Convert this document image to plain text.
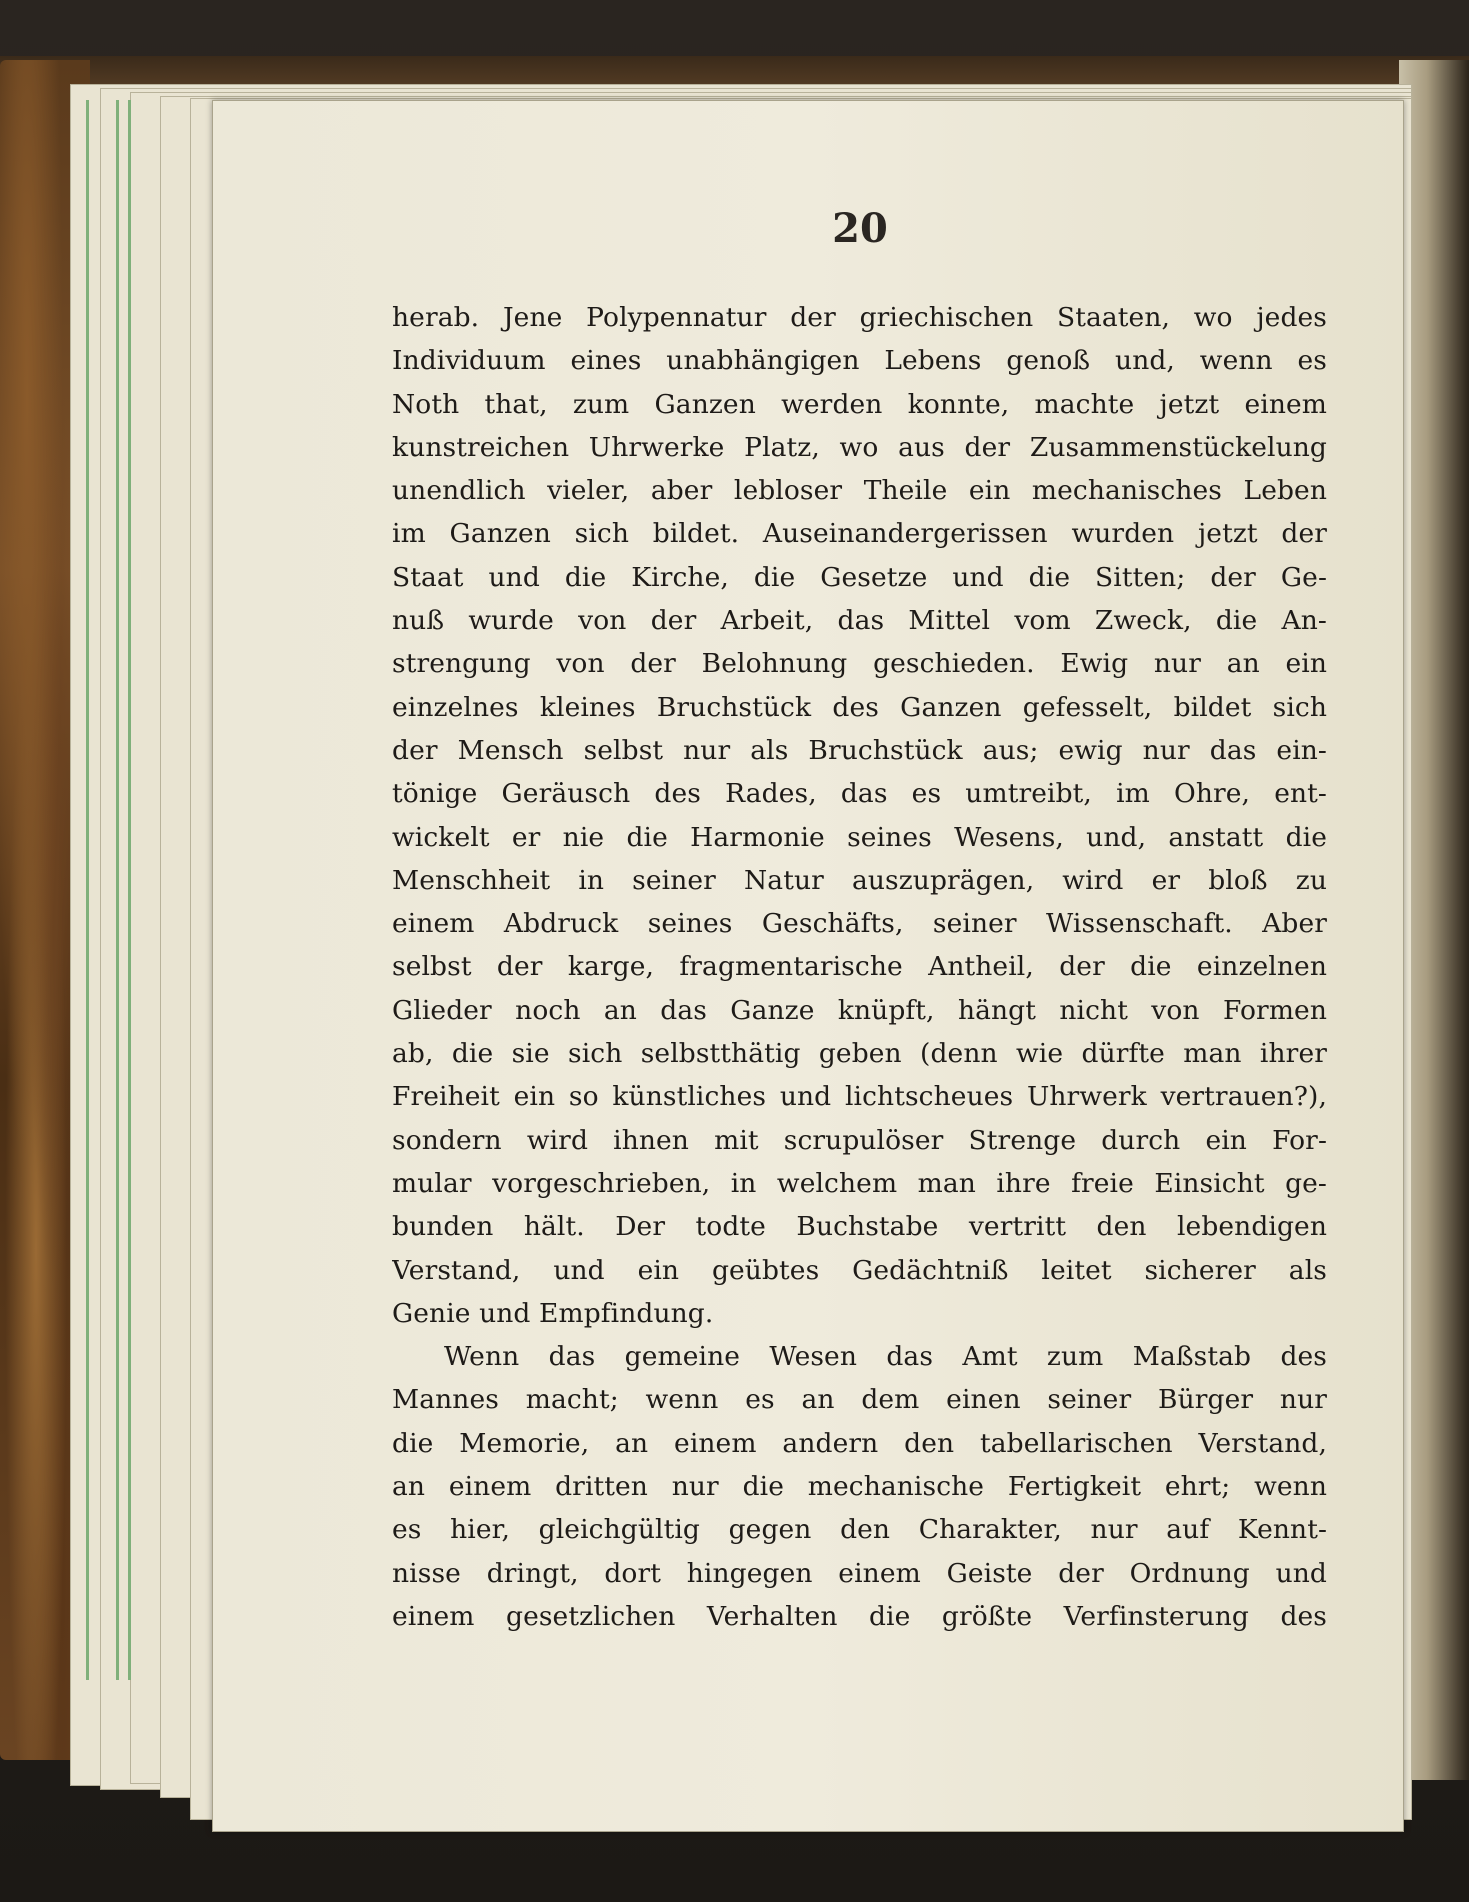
20
herab. Jene Polypennatur der griechischen Staaten, wo jedes
Individuum eines unabhängigen Lebens genoß und, wenn es
Noth that, zum Ganzen werden konnte, machte jetzt einem
kunstreichen Uhrwerke Platz, wo aus der Zusammenstückelung
unendlich vieler, aber lebloser Theile ein mechanisches Leben
im Ganzen sich bildet. Auseinandergerissen wurden jetzt der
Staat und die Kirche, die Gesetze und die Sitten; der Ge-
nuß wurde von der Arbeit, das Mittel vom Zweck, die An-
strengung von der Belohnung geschieden. Ewig nur an ein
einzelnes kleines Bruchstück des Ganzen gefesselt, bildet sich
der Mensch selbst nur als Bruchstück aus; ewig nur das ein-
tönige Geräusch des Rades, das es umtreibt, im Ohre, ent-
wickelt er nie die Harmonie seines Wesens, und, anstatt die
Menschheit in seiner Natur auszuprägen, wird er bloß zu
einem Abdruck seines Geschäfts, seiner Wissenschaft. Aber
selbst der karge, fragmentarische Antheil, der die einzelnen
Glieder noch an das Ganze knüpft, hängt nicht von Formen
ab, die sie sich selbstthätig geben (denn wie dürfte man ihrer
Freiheit ein so künstliches und lichtscheues Uhrwerk vertrauen?),
sondern wird ihnen mit scrupulöser Strenge durch ein For-
mular vorgeschrieben, in welchem man ihre freie Einsicht ge-
bunden hält. Der todte Buchstabe vertritt den lebendigen
Verstand, und ein geübtes Gedächtniß leitet sicherer als
Genie und Empfindung.
Wenn das gemeine Wesen das Amt zum Maßstab des
Mannes macht; wenn es an dem einen seiner Bürger nur
die Memorie, an einem andern den tabellarischen Verstand,
an einem dritten nur die mechanische Fertigkeit ehrt; wenn
es hier, gleichgültig gegen den Charakter, nur auf Kennt-
nisse dringt, dort hingegen einem Geiste der Ordnung und
einem gesetzlichen Verhalten die größte Verfinsterung des
